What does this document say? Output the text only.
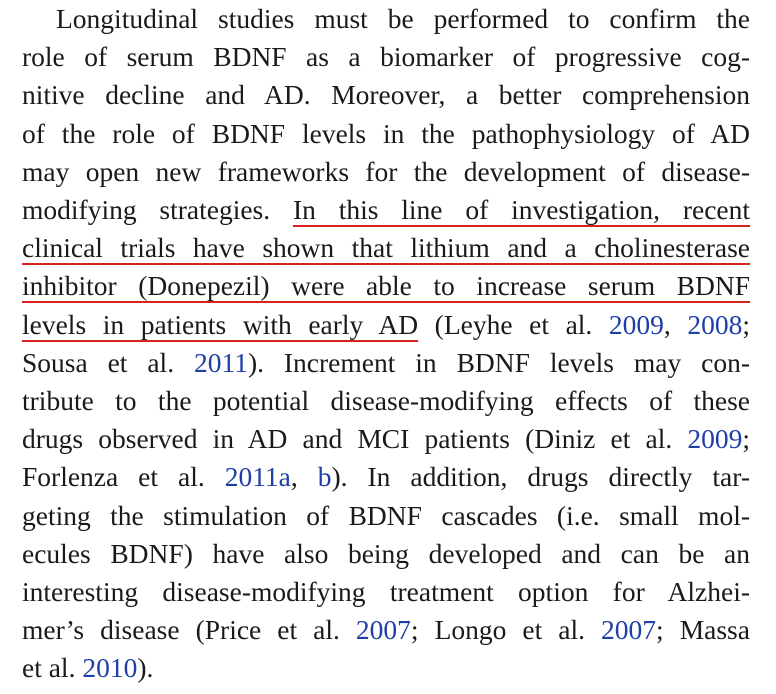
Longitudinal studies must be performed to confirm the
role of serum BDNF as a biomarker of progressive cog-
nitive decline and AD. Moreover, a better comprehension
of the role of BDNF levels in the pathophysiology of AD
may open new frameworks for the development of disease-
modifying strategies. In this line of investigation, recent
clinical trials have shown that lithium and a cholinesterase
inhibitor (Donepezil) were able to increase serum BDNF
levels in patients with early AD (Leyhe et al. 2009, 2008;
Sousa et al. 2011). Increment in BDNF levels may con-
tribute to the potential disease-modifying effects of these
drugs observed in AD and MCI patients (Diniz et al. 2009;
Forlenza et al. 2011a, b). In addition, drugs directly tar-
geting the stimulation of BDNF cascades (i.e. small mol-
ecules BDNF) have also being developed and can be an
interesting disease-modifying treatment option for Alzhei-
mer’s disease (Price et al. 2007; Longo et al. 2007; Massa
et al. 2010).
